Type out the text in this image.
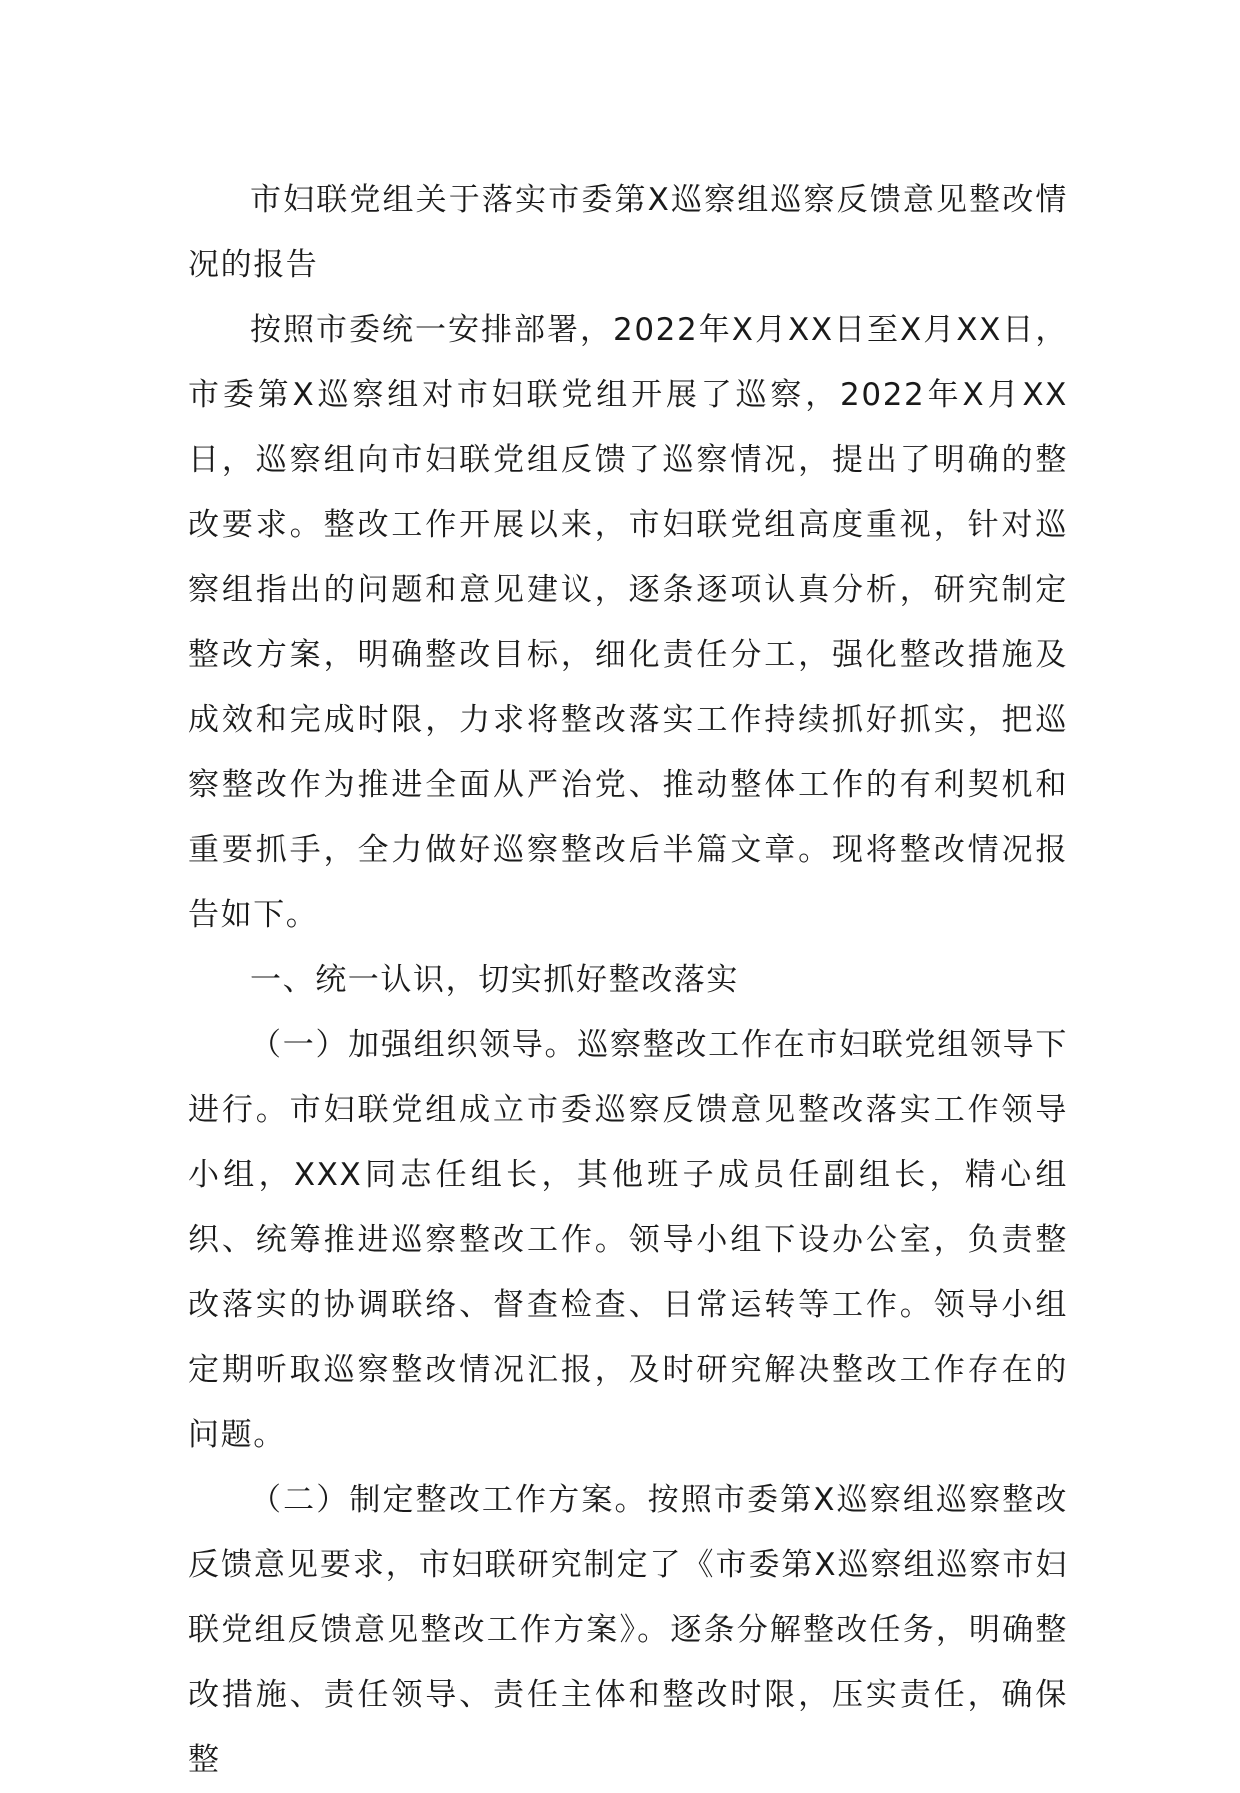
市妇联党组关于落实市委第X巡察组巡察反馈意见整改情况的报告

按照市委统一安排部署，2022年X月XX日至X月XX日，市委第X巡察组对市妇联党组开展了巡察，2022年X月XX日，巡察组向市妇联党组反馈了巡察情况，提出了明确的整改要求。整改工作开展以来，市妇联党组高度重视，针对巡察组指出的问题和意见建议，逐条逐项认真分析，研究制定整改方案，明确整改目标，细化责任分工，强化整改措施及成效和完成时限，力求将整改落实工作持续抓好抓实，把巡察整改作为推进全面从严治党、推动整体工作的有利契机和重要抓手，全力做好巡察整改后半篇文章。现将整改情况报告如下。

一、统一认识，切实抓好整改落实

（一）加强组织领导。巡察整改工作在市妇联党组领导下进行。市妇联党组成立市委巡察反馈意见整改落实工作领导小组，XXX同志任组长，其他班子成员任副组长，精心组织、统筹推进巡察整改工作。领导小组下设办公室，负责整改落实的协调联络、督查检查、日常运转等工作。领导小组定期听取巡察整改情况汇报，及时研究解决整改工作存在的问题。

（二）制定整改工作方案。按照市委第X巡察组巡察整改反馈意见要求，市妇联研究制定了《市委第X巡察组巡察市妇联党组反馈意见整改工作方案》。逐条分解整改任务，明确整改措施、责任领导、责任主体和整改时限，压实责任，确保整
